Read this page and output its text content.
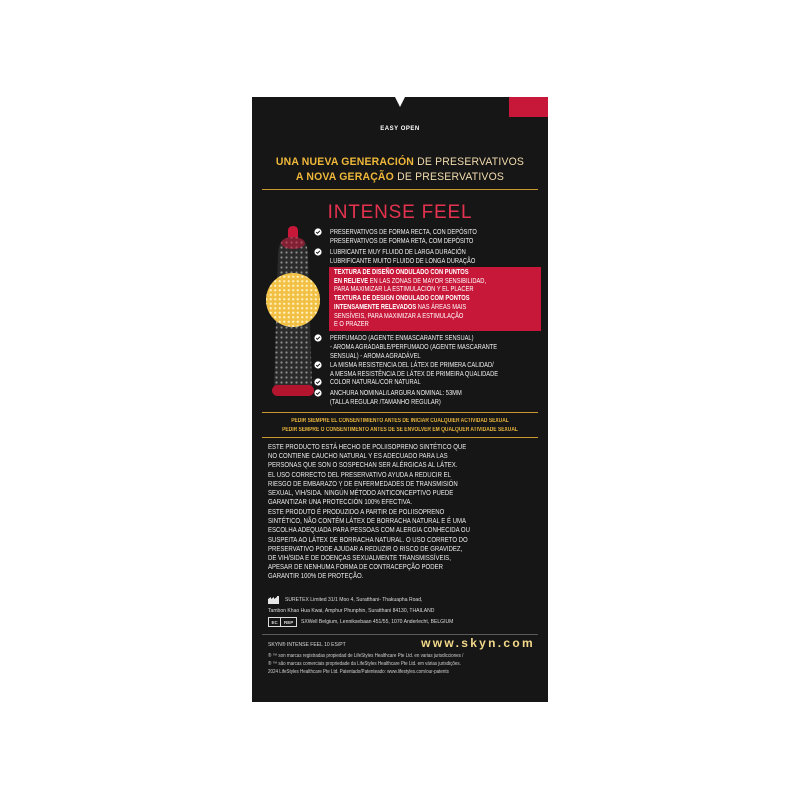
EASY OPEN
UNA NUEVA GENERACIÓN DE PRESERVATIVOS
A NOVA GERAÇÃO DE PRESERVATIVOS
INTENSE FEEL
PRESERVATIVOS DE FORMA RECTA, CON DEPÓSITO
PRESERVATIVOS DE FORMA RETA, COM DEPÓSITO
LUBRICANTE MUY FLUIDO DE LARGA DURACIÓN
LUBRIFICANTE MUITO FLUIDO DE LONGA DURAÇÃO
TEXTURA DE DISEÑO ONDULADO CON PUNTOS
EN RELIEVE EN LAS ZONAS DE MAYOR SENSIBILIDAD,
PARA MAXIMIZAR LA ESTIMULACIÓN Y EL PLACER
TEXTURA DE DESIGN ONDULADO COM PONTOS
INTENSAMENTE RELEVADOS NAS ÁREAS MAIS
SENSÍVEIS, PARA MAXIMIZAR A ESTIMULAÇÃO
E O PRAZER
PERFUMADO (AGENTE ENMASCARANTE SENSUAL)
- AROMA AGRADABLE/PERFUMADO (AGENTE MASCARANTE
SENSUAL) - AROMA AGRADÁVEL
LA MISMA RESISTENCIA DEL LÁTEX DE PRIMERA CALIDAD/
A MESMA RESISTÊNCIA DE LÁTEX DE PRIMEIRA QUALIDADE
COLOR NATURAL/COR NATURAL
ANCHURA NOMINAL/LARGURA NOMINAL: 53MM
(TALLA REGULAR /TAMANHO REGULAR)
PEDIR SIEMPRE EL CONSENTIMIENTO ANTES DE INICIAR CUALQUIER ACTIVIDAD SEXUAL
PEDIR SEMPRE O CONSENTIMENTO ANTES DE SE ENVOLVER EM QUALQUER ATIVIDADE SEXUAL
ESTE PRODUCTO ESTÁ HECHO DE POLIISOPRENO SINTÉTICO QUE
NO CONTIENE CAUCHO NATURAL Y ES ADECUADO PARA LAS
PERSONAS QUE SON O SOSPECHAN SER ALÉRGICAS AL LÁTEX.
EL USO CORRECTO DEL PRESERVATIVO AYUDA A REDUCIR EL
RIESGO DE EMBARAZO Y DE ENFERMEDADES DE TRANSMISIÓN
SEXUAL, VIH/SIDA. NINGÚN MÉTODO ANTICONCEPTIVO PUEDE
GARANTIZAR UNA PROTECCIÓN 100% EFECTIVA.
ESTE PRODUTO É PRODUZIDO A PARTIR DE POLIISOPRENO
SINTÉTICO, NÃO CONTÉM LÁTEX DE BORRACHA NATURAL E É UMA
ESCOLHA ADEQUADA PARA PESSOAS COM ALERGIA CONHECIDA OU
SUSPEITA AO LÁTEX DE BORRACHA NATURAL. O USO CORRETO DO
PRESERVATIVO PODE AJUDAR A REDUZIR O RISCO DE GRAVIDEZ,
DE VIH/SIDA E DE DOENÇAS SEXUALMENTE TRANSMISSÍVEIS,
APESAR DE NENHUMA FORMA DE CONTRACEPÇÃO PODER
GARANTIR 100% DE PROTEÇÃO.
SURETEX Limited 31/1 Moo 4, Suratthani- Thakuapha Road,
Tambon Khao Hua Kwai, Amphur Phunphin, Suratthani 84130, THAILAND
EC	REP	SXWell Belgium, Lenniksebaan 451/55, 1070 Anderlecht, BELGIUM
SKYN® INTENSE FEEL 10 ES/PT	www.skyn.com
® ™ son marcas registradas propiedad de LifeStyles Healthcare Pte Ltd. en varias jurisdicciones /
® ™ são marcas comerciais propriedade da LifeStyles Healthcare Pte Ltd. em várias jurisdições.
2024 LifeStyles Healthcare Pte Ltd. Patentado/Patenteado: www.lifestyles.com/our-patents
